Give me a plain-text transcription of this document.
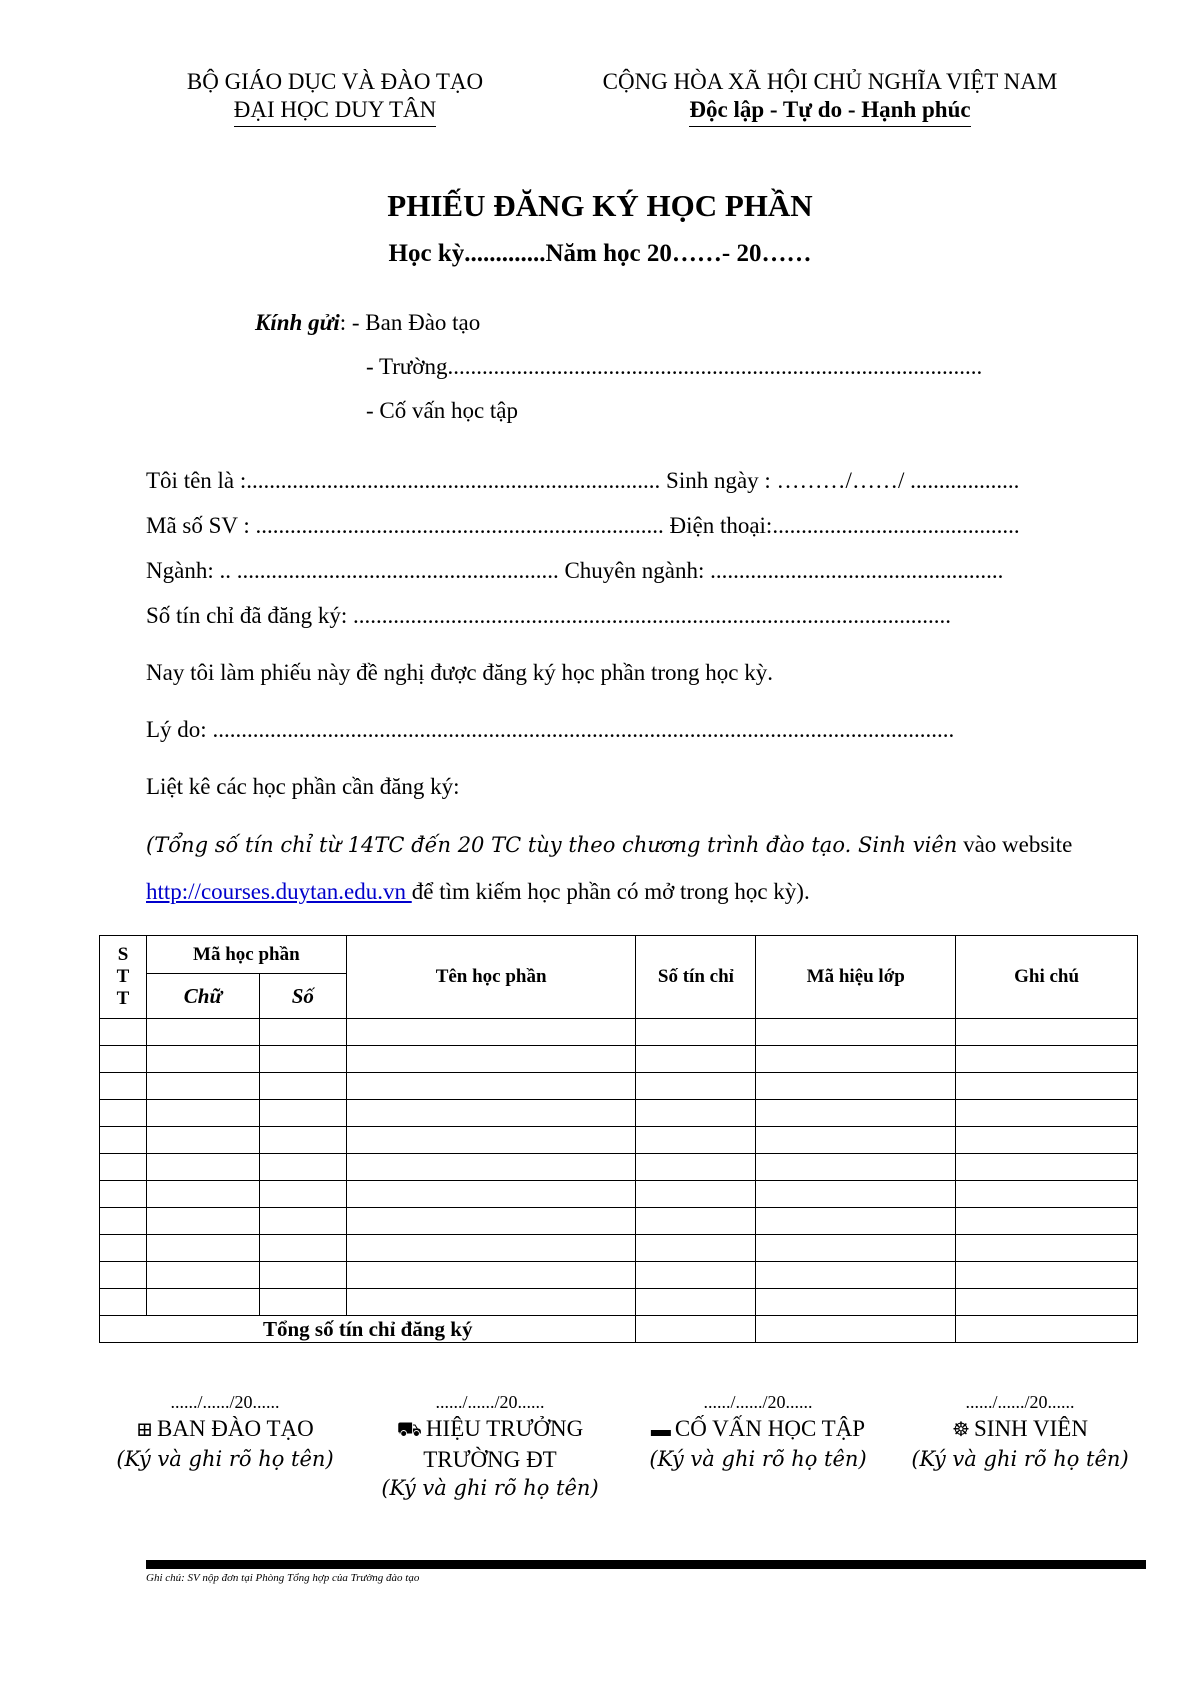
BỘ GIÁO DỤC VÀ ĐÀO TẠO
ĐẠI HỌC DUY TÂN
CỘNG HÒA XÃ HỘI CHỦ NGHĨA VIỆT NAM
Độc lập - Tự do - Hạnh phúc
PHIẾU ĐĂNG KÝ HỌC PHẦN
Học kỳ.............Năm học 20……- 20……
Kính gửi: - Ban Đào tạo
- Trường.............................................................................................
- Cố vấn học tập
Tôi tên là :........................................................................ Sinh ngày : ………/……/ ...................
Mã số SV : ....................................................................... Điện thoại:...........................................
Ngành: .. ........................................................ Chuyên ngành: ...................................................
Số tín chỉ đã đăng ký: ........................................................................................................
Nay tôi làm phiếu này đề nghị được đăng ký học phần trong học kỳ.
Lý do: .................................................................................................................................
Liệt kê các học phần cần đăng ký:
(Tổng số tín chỉ từ 14TC đến 20 TC tùy theo chương trình đào tạo. Sinh viên vào website
http://courses.duytan.edu.vn để tìm kiếm học phần có mở trong học kỳ).
S
T
T	Mã học phần		Tên học phần	Số tín chỉ	Mã hiệu lớp	Ghi chú
	Chữ	Số				

Tổng số tín chỉ đăng ký						
....../....../20......
⊞ BAN ĐÀO TẠO
(Ký và ghi rõ họ tên)
....../....../20......
⛟ HIỆU TRƯỞNG
TRƯỜNG ĐT
(Ký và ghi rõ họ tên)
....../....../20......
▬ CỐ VẤN HỌC TẬP
(Ký và ghi rõ họ tên)
....../....../20......
☸ SINH VIÊN
(Ký và ghi rõ họ tên)
Ghi chú: SV nộp đơn tại Phòng Tổng hợp của Trường đào tạo
